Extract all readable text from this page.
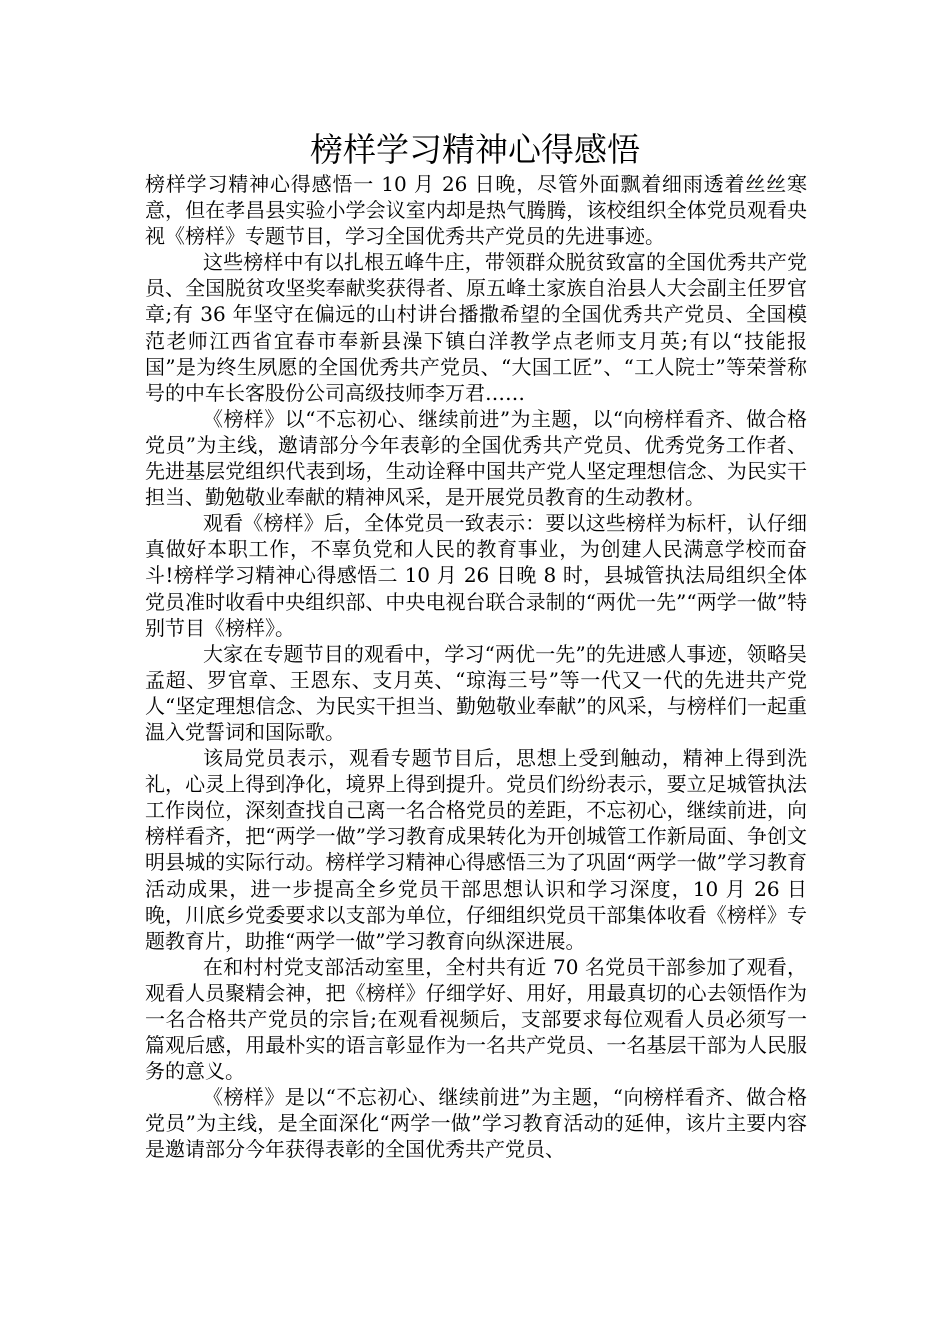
榜样学习精神心得感悟

榜样学习精神心得感悟一 10 月 26 日晚，尽管外面飘着细雨透着丝丝寒意，但在孝昌县实验小学会议室内却是热气腾腾，该校组织全体党员观看央视《榜样》专题节目，学习全国优秀共产党员的先进事迹。

这些榜样中有以扎根五峰牛庄，带领群众脱贫致富的全国优秀共产党员、全国脱贫攻坚奖奉献奖获得者、原五峰土家族自治县人大会副主任罗官章;有 36 年坚守在偏远的山村讲台播撒希望的全国优秀共产党员、全国模范老师江西省宜春市奉新县澡下镇白洋教学点老师支月英;有以“技能报国”是为终生夙愿的全国优秀共产党员、“大国工匠”、“工人院士”等荣誉称号的中车长客股份公司高级技师李万君……

《榜样》以“不忘初心、继续前进”为主题，以“向榜样看齐、做合格党员”为主线，邀请部分今年表彰的全国优秀共产党员、优秀党务工作者、先进基层党组织代表到场，生动诠释中国共产党人坚定理想信念、为民实干担当、勤勉敬业奉献的精神风采，是开展党员教育的生动教材。

观看《榜样》后，全体党员一致表示：要以这些榜样为标杆，认仔细真做好本职工作，不辜负党和人民的教育事业，为创建人民满意学校而奋斗!榜样学习精神心得感悟二 10 月 26 日晚 8 时，县城管执法局组织全体党员准时收看中央组织部、中央电视台联合录制的“两优一先”“两学一做”特别节目《榜样》。

大家在专题节目的观看中，学习“两优一先”的先进感人事迹，领略吴孟超、罗官章、王恩东、支月英、“琼海三号”等一代又一代的先进共产党人“坚定理想信念、为民实干担当、勤勉敬业奉献”的风采，与榜样们一起重温入党誓词和国际歌。

该局党员表示，观看专题节目后，思想上受到触动，精神上得到洗礼，心灵上得到净化，境界上得到提升。党员们纷纷表示，要立足城管执法工作岗位，深刻查找自己离一名合格党员的差距，不忘初心，继续前进，向榜样看齐，把“两学一做”学习教育成果转化为开创城管工作新局面、争创文明县城的实际行动。榜样学习精神心得感悟三为了巩固“两学一做”学习教育活动成果，进一步提高全乡党员干部思想认识和学习深度，10 月 26 日晚，川底乡党委要求以支部为单位，仔细组织党员干部集体收看《榜样》专题教育片，助推“两学一做”学习教育向纵深进展。

在和村村党支部活动室里，全村共有近 70 名党员干部参加了观看，观看人员聚精会神，把《榜样》仔细学好、用好，用最真切的心去领悟作为一名合格共产党员的宗旨;在观看视频后，支部要求每位观看人员必须写一篇观后感，用最朴实的语言彰显作为一名共产党员、一名基层干部为人民服务的意义。

《榜样》是以“不忘初心、继续前进”为主题，“向榜样看齐、做合格党员”为主线，是全面深化“两学一做”学习教育活动的延伸，该片主要内容是邀请部分今年获得表彰的全国优秀共产党员、
